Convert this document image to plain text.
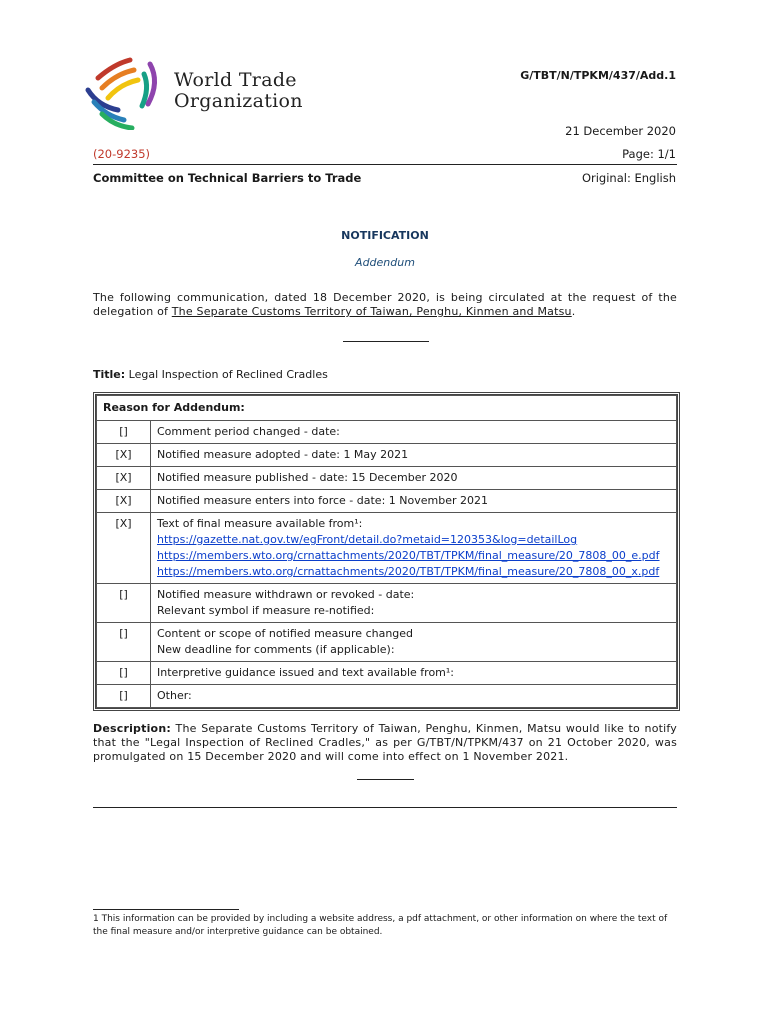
World Trade
Organization
G/TBT/N/TPKM/437/Add.1
21 December 2020
(20-9235)	Page: 1/1
Committee on Technical Barriers to Trade	Original: English
NOTIFICATION
Addendum
The following communication, dated 18 December 2020, is being circulated at the request of the delegation of The Separate Customs Territory of Taiwan, Penghu, Kinmen and Matsu.
Title: Legal Inspection of Reclined Cradles
Reason for Addendum:	
[]	Comment period changed - date:

[X]	Notified measure adopted - date: 1 May 2021

[X]	Notified measure published - date: 15 December 2020

[X]	Notified measure enters into force - date: 1 November 2021

[X]	Text of final measure available from¹:
https://gazette.nat.gov.tw/egFront/detail.do?metaid=120353&log=detailLog
https://members.wto.org/crnattachments/2020/TBT/TPKM/final_measure/20_7808_00_e.pdf
https://members.wto.org/crnattachments/2020/TBT/TPKM/final_measure/20_7808_00_x.pdf

[]	Notified measure withdrawn or revoked - date:
Relevant symbol if measure re-notified:

[]	Content or scope of notified measure changed
New deadline for comments (if applicable):

[]	Interpretive guidance issued and text available from¹:

[]	Other:
Description: The Separate Customs Territory of Taiwan, Penghu, Kinmen, Matsu would like to notify that the "Legal Inspection of Reclined Cradles," as per G/TBT/N/TPKM/437 on 21 October 2020, was promulgated on 15 December 2020 and will come into effect on 1 November 2021.
1 This information can be provided by including a website address, a pdf attachment, or other information on where the text of the final measure and/or interpretive guidance can be obtained.
